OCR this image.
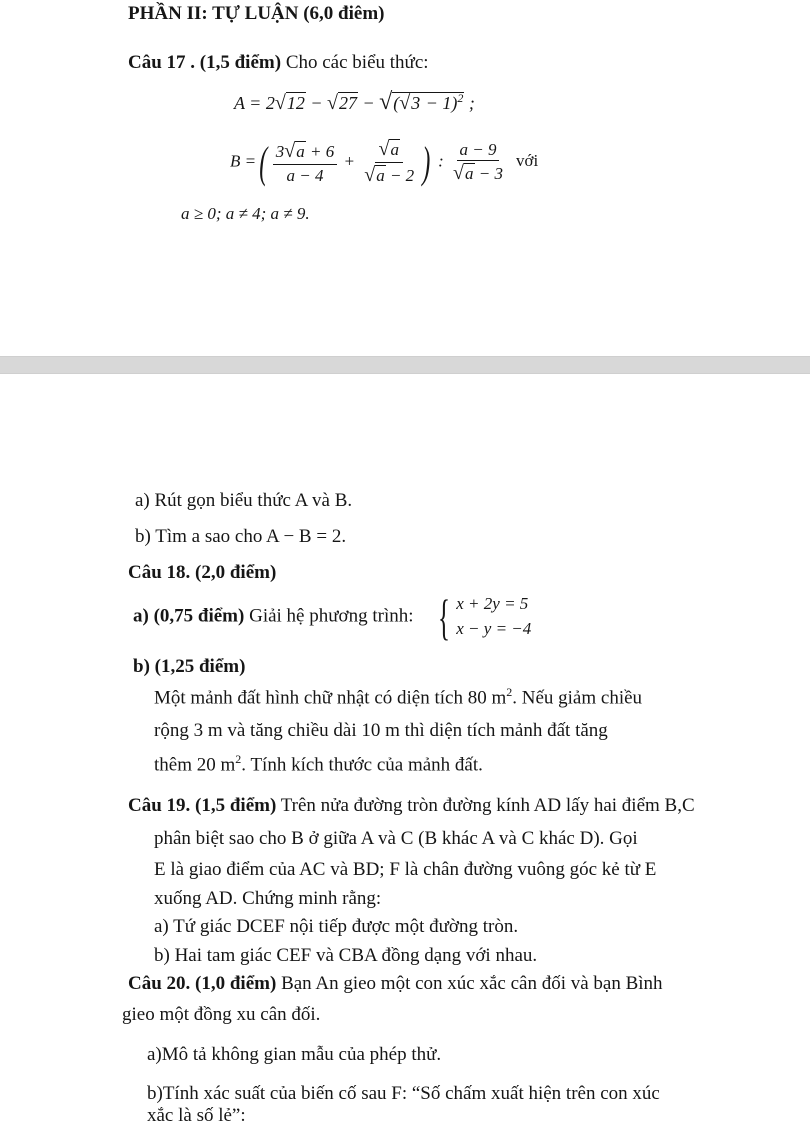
PHẦN II: TỰ LUẬN (6,0 điêm)
Câu 17 . (1,5 điểm) Cho các biểu thức:
$A = 2√12 - √27 - √(√3 - 1)^2$ ;
B =( $\frac{3√a + 6}{a - 4} + \frac{√a}{√a - 2}$ ) : $\frac{a - 9}{√a - 3}$ với
a ≥ 0; a ≠ 4; a ≠ 9.
a) Rút gọn biểu thức A và B.
b) Tìm a sao cho A − B = 2.
Câu 18. (2,0 điểm)
a) (0,75 điểm) Giải hệ phương trình: { x + 2y = 5
x − y = −4
b) (1,25 điểm)
Một mảnh đất hình chữ nhật có diện tích 80 $m^2$. Nếu giảm chiều
rộng 3 m và tăng chiều dài 10 m thì diện tích mảnh đất tăng
thêm 20 $m^2$. Tính kích thước của mảnh đất.
Câu 19. (1,5 điểm) Trên nửa đường tròn đường kính AD lấy hai điểm B,C
phân biệt sao cho B ở giữa A và C (B khác A và C khác D). Gọi
E là giao điểm của AC và BD; F là chân đường vuông góc kẻ từ E
xuống AD. Chứng minh rằng:
a) Tứ giác DCEF nội tiếp được một đường tròn.
b) Hai tam giác CEF và CBA đồng dạng với nhau.
Câu 20. (1,0 điểm) Bạn An gieo một con xúc xắc cân đối và bạn Bình
gieo một đồng xu cân đối.
a)Mô tả không gian mẫu của phép thử.
b)Tính xác suất của biến cố sau F: “Số chấm xuất hiện trên con xúc
xắc là số lẻ”:
